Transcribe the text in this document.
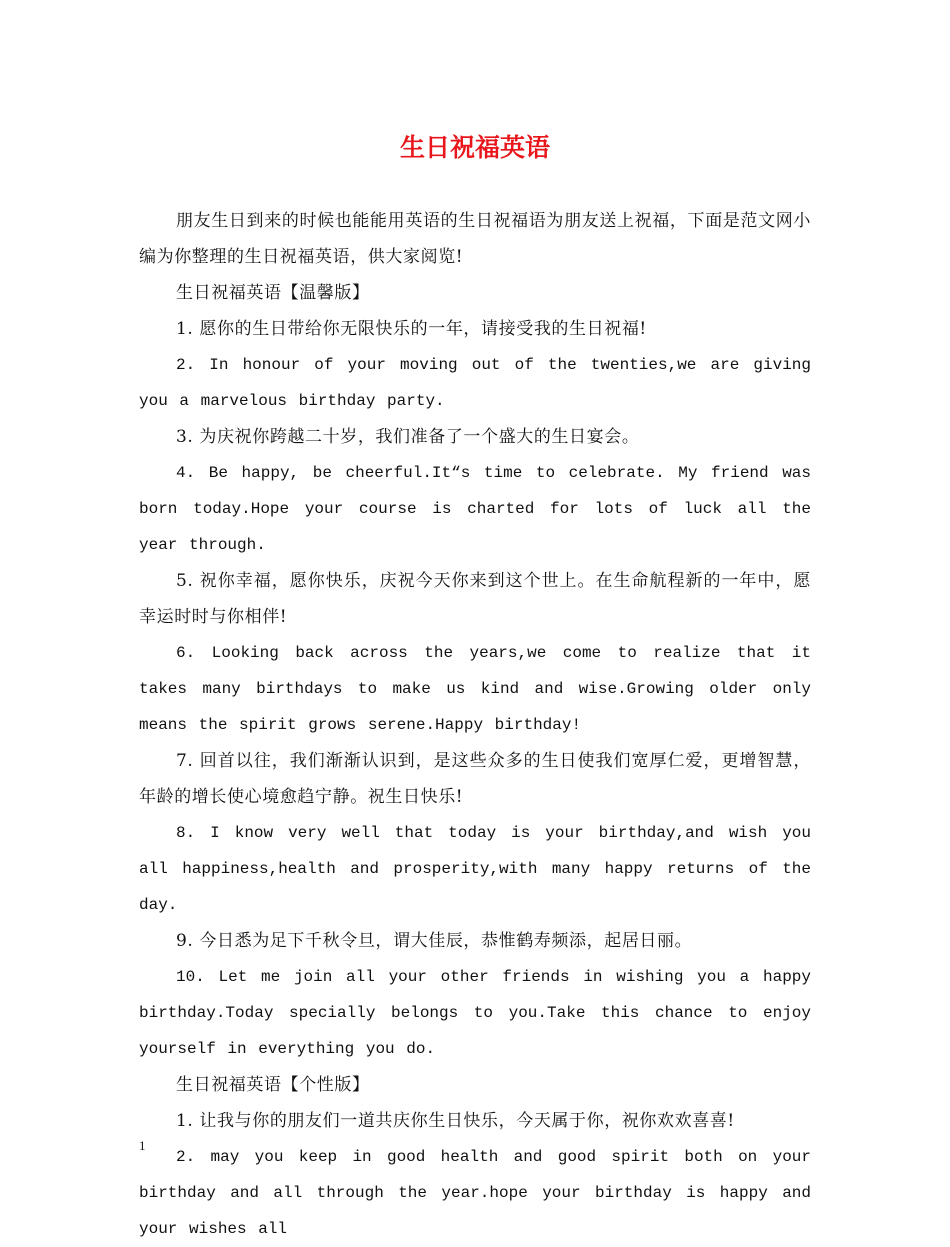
生日祝福英语

朋友生日到来的时候也能能用英语的生日祝福语为朋友送上祝福，下面是范文网小编为你整理的生日祝福英语，供大家阅览!

生日祝福英语【温馨版】

1. 愿你的生日带给你无限快乐的一年，请接受我的生日祝福!

2. In honour of your moving out of the twenties,we are giving you a marvelous birthday party.

3. 为庆祝你跨越二十岁，我们准备了一个盛大的生日宴会。

4. Be happy, be cheerful.It“s time to celebrate. My friend was born today.Hope your course is charted for lots of luck all the year through.

5. 祝你幸福，愿你快乐，庆祝今天你来到这个世上。在生命航程新的一年中，愿幸运时时与你相伴!

6. Looking back across the years,we come to realize that it takes many birthdays to make us kind and wise.Growing older only means the spirit grows serene.Happy birthday!

7. 回首以往，我们渐渐认识到，是这些众多的生日使我们宽厚仁爱，更增智慧，年龄的增长使心境愈趋宁静。祝生日快乐!

8. I know very well that today is your birthday,and wish you all happiness,health and prosperity,with many happy returns of the day.

9. 今日悉为足下千秋令旦，谓大佳辰，恭惟鹤寿频添，起居日丽。

10. Let me join all your other friends in wishing you a happy birthday.Today specially belongs to you.Take this chance to enjoy yourself in everything you do.

生日祝福英语【个性版】

1. 让我与你的朋友们一道共庆你生日快乐，今天属于你，祝你欢欢喜喜!

2. may you keep in good health and good spirit both on your birthday and all through the year.hope your birthday is happy and your wishes all

1
